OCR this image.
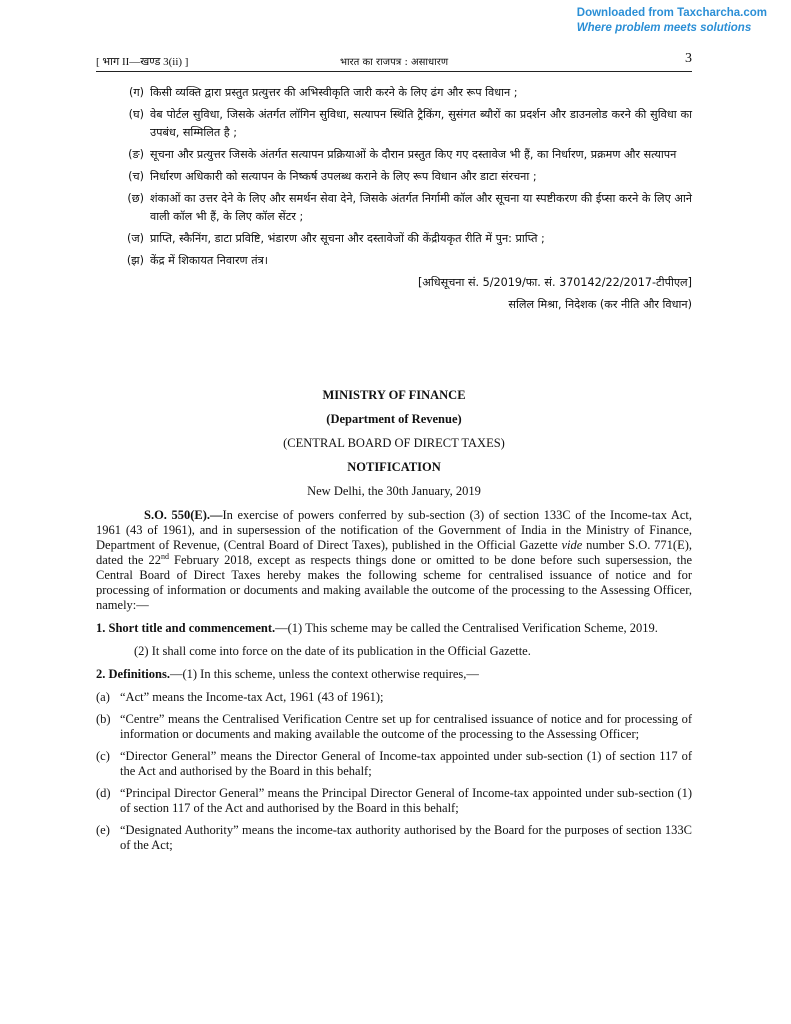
Downloaded from Taxcharcha.com
Where problem meets solutions
[ भाग II—खण्ड 3(ii) ]	भारत का राजपत्र : असाधारण	3
(ग) किसी व्यक्ति द्वारा प्रस्तुत प्रत्युत्तर की अभिस्वीकृति जारी करने के लिए ढंग और रूप विधान ;
(घ) वेब पोर्टल सुविधा, जिसके अंतर्गत लॉगिन सुविधा, सत्यापन स्थिति ट्रैकिंग, सुसंगत ब्यौरों का प्रदर्शन और डाउनलोड करने की सुविधा का उपबंध, सम्मिलित है ;
(ङ) सूचना और प्रत्युत्तर जिसके अंतर्गत सत्यापन प्रक्रियाओं के दौरान प्रस्तुत किए गए दस्तावेज भी हैं, का निर्धारण, प्रक्रमण और सत्यापन
(च) निर्धारण अधिकारी को सत्यापन के निष्कर्ष उपलब्ध कराने के लिए रूप विधान और डाटा संरचना ;
(छ) शंकाओं का उत्तर देने के लिए और समर्थन सेवा देने, जिसके अंतर्गत निर्गामी कॉल और सूचना या स्पष्टीकरण की ईप्सा करने के लिए आने वाली कॉल भी हैं, के लिए कॉल सेंटर ;
(ज) प्राप्ति, स्कैनिंग, डाटा प्रविष्टि, भंडारण और सूचना और दस्तावेजों की केंद्रीयकृत रीति में पुन: प्राप्ति ;
(झ) केंद्र में शिकायत निवारण तंत्र।
[अधिसूचना सं. 5/2019/फा. सं. 370142/22/2017-टीपीएल]
सलिल मिश्रा, निदेशक (कर नीति और विधान)
MINISTRY OF FINANCE
(Department of Revenue)
(CENTRAL BOARD OF DIRECT TAXES)
NOTIFICATION
New Delhi, the 30th January, 2019
S.O. 550(E).—In exercise of powers conferred by sub-section (3) of section 133C of the Income-tax Act, 1961 (43 of 1961), and in supersession of the notification of the Government of India in the Ministry of Finance, Department of Revenue, (Central Board of Direct Taxes), published in the Official Gazette vide number S.O. 771(E), dated the 22nd February 2018, except as respects things done or omitted to be done before such supersession, the Central Board of Direct Taxes hereby makes the following scheme for centralised issuance of notice and for processing of information or documents and making available the outcome of the processing to the Assessing Officer, namely:—
1. Short title and commencement.—(1) This scheme may be called the Centralised Verification Scheme, 2019.
(2) It shall come into force on the date of its publication in the Official Gazette.
2. Definitions.—(1) In this scheme, unless the context otherwise requires,—
(a) “Act” means the Income-tax Act, 1961 (43 of 1961);
(b) “Centre” means the Centralised Verification Centre set up for centralised issuance of notice and for processing of information or documents and making available the outcome of the processing to the Assessing Officer;
(c) “Director General” means the Director General of Income-tax appointed under sub-section (1) of section 117 of the Act and authorised by the Board in this behalf;
(d) “Principal Director General” means the Principal Director General of Income-tax appointed under sub-section (1) of section 117 of the Act and authorised by the Board in this behalf;
(e) “Designated Authority” means the income-tax authority authorised by the Board for the purposes of section 133C of the Act;
